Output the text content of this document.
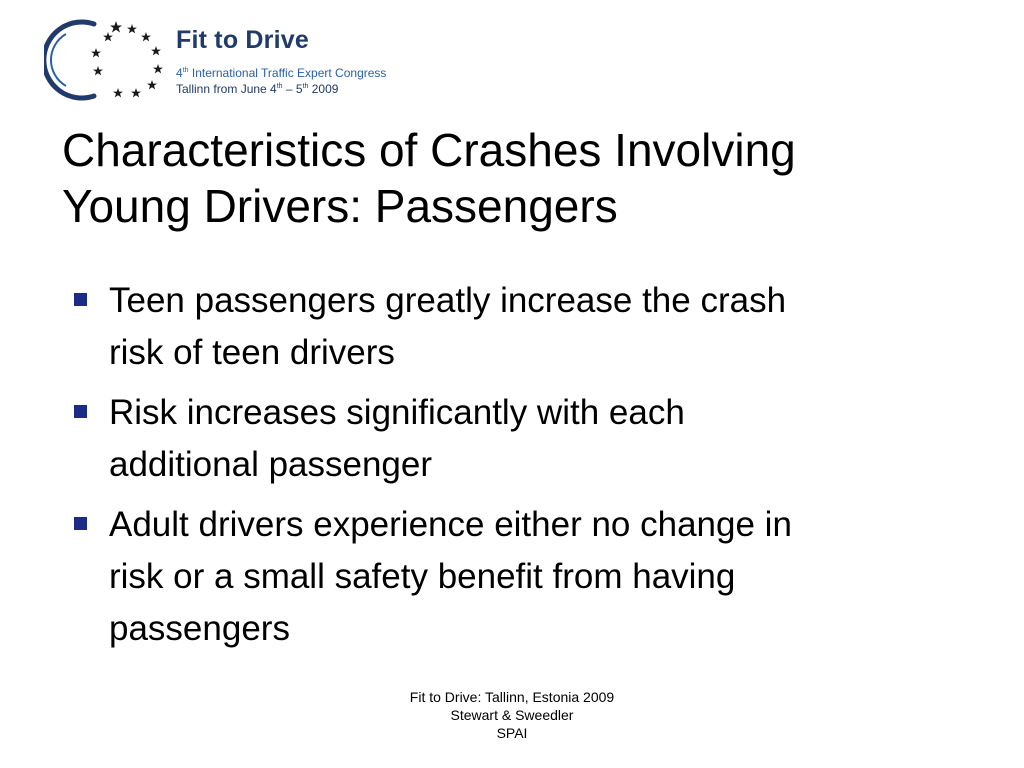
Fit to Drive
4th International Traffic Expert Congress
Tallinn from June 4th – 5th 2009
Characteristics of Crashes Involving
Young Drivers: Passengers
Teen passengers greatly increase the crash
risk of teen drivers
Risk increases significantly with each
additional passenger
Adult drivers experience either no change in
risk or a small safety benefit from having
passengers
Fit to Drive: Tallinn, Estonia 2009
Stewart & Sweedler
SPAI
